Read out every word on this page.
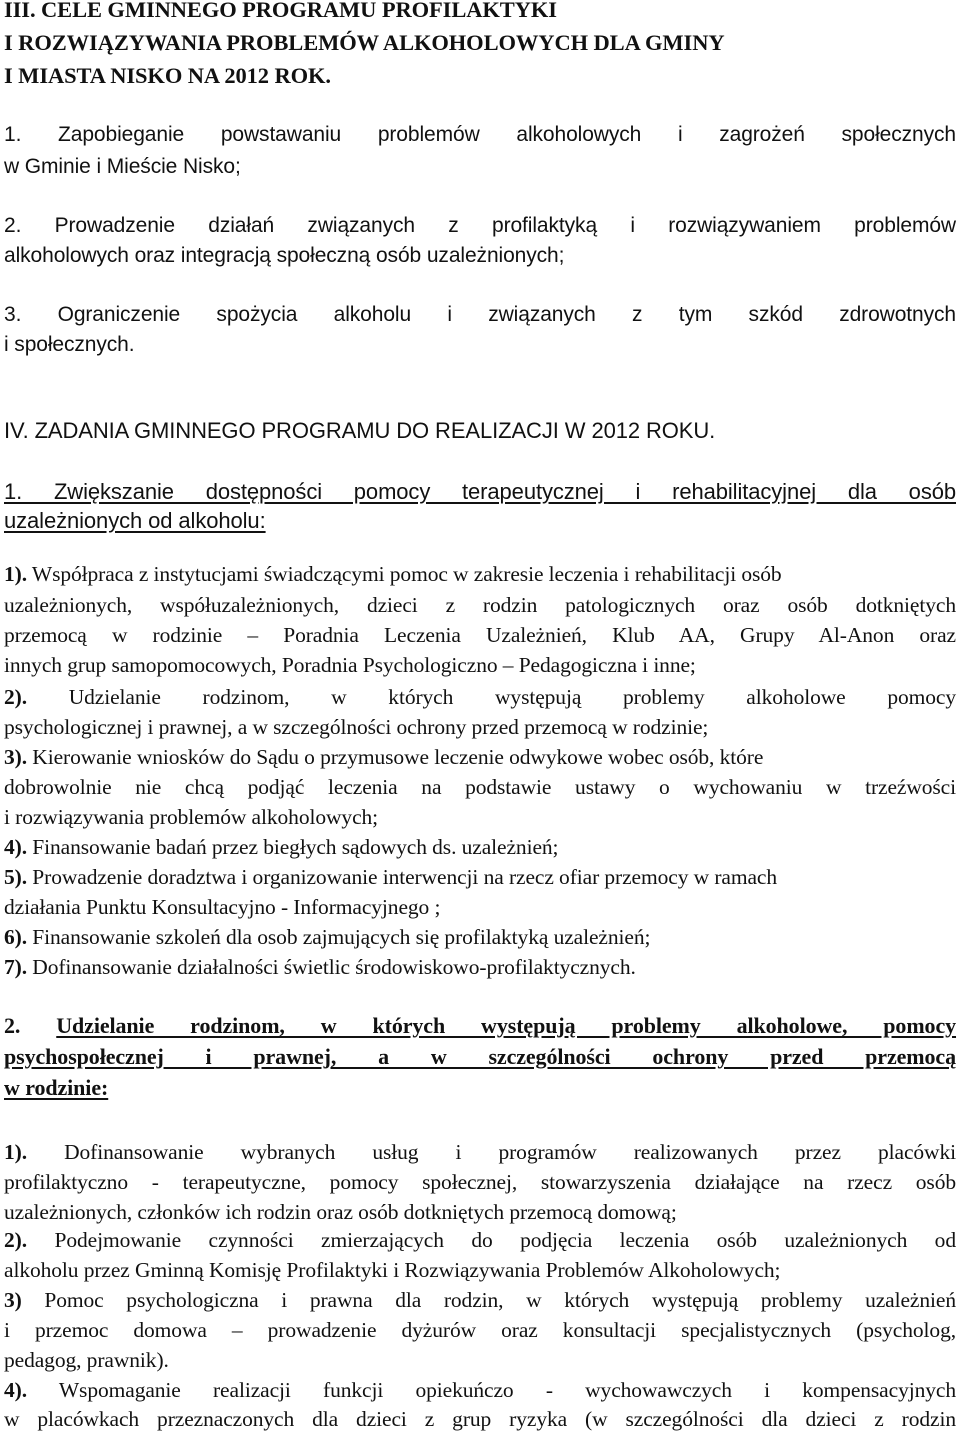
III. CELE GMINNEGO PROGRAMU PROFILAKTYKI
I ROZWIĄZYWANIA PROBLEMÓW ALKOHOLOWYCH DLA GMINY
I MIASTA NISKO NA 2012 ROK.
1. Zapobieganie powstawaniu problemów alkoholowych i zagrożeń społecznych
w Gminie i Mieście Nisko;
2. Prowadzenie działań związanych z profilaktyką i rozwiązywaniem problemów
alkoholowych oraz integracją społeczną osób uzależnionych;
3. Ograniczenie spożycia alkoholu i związanych z tym szkód zdrowotnych
i społecznych.
IV. ZADANIA GMINNEGO PROGRAMU DO REALIZACJI W 2012 ROKU.
1. Zwiększanie dostępności pomocy terapeutycznej i rehabilitacyjnej dla osób
uzależnionych od alkoholu:
1). Współpraca z instytucjami świadczącymi pomoc w zakresie leczenia i rehabilitacji osób
uzależnionych, współuzależnionych, dzieci z rodzin patologicznych oraz osób dotkniętych
przemocą w rodzinie – Poradnia Leczenia Uzależnień, Klub AA, Grupy Al-Anon oraz
innych grup samopomocowych, Poradnia Psychologiczno – Pedagogiczna i inne;
2). Udzielanie rodzinom, w których występują problemy alkoholowe pomocy
psychologicznej i prawnej, a w szczególności ochrony przed przemocą w rodzinie;
3). Kierowanie wniosków do Sądu o przymusowe leczenie odwykowe wobec osób, które
dobrowolnie nie chcą podjąć leczenia na podstawie ustawy o wychowaniu w trzeźwości
i rozwiązywania problemów alkoholowych;
4). Finansowanie badań przez biegłych sądowych ds. uzależnień;
5). Prowadzenie doradztwa i organizowanie interwencji na rzecz ofiar przemocy w ramach
działania Punktu Konsultacyjno - Informacyjnego ;
6). Finansowanie szkoleń dla osob zajmujących się profilaktyką uzależnień;
7). Dofinansowanie działalności świetlic środowiskowo-profilaktycznych.
2. Udzielanie rodzinom, w których występują problemy alkoholowe, pomocy
psychospołecznej i prawnej, a w szczególności ochrony przed przemocą
w rodzinie:
1). Dofinansowanie wybranych usług i programów realizowanych przez placówki
profilaktyczno - terapeutyczne, pomocy społecznej, stowarzyszenia działające na rzecz osób
uzależnionych, członków ich rodzin oraz osób dotkniętych przemocą domową;
2). Podejmowanie czynności zmierzających do podjęcia leczenia osób uzależnionych od
alkoholu przez Gminną Komisję Profilaktyki i Rozwiązywania Problemów Alkoholowych;
3) Pomoc psychologiczna i prawna dla rodzin, w których występują problemy uzależnień
i przemoc domowa – prowadzenie dyżurów oraz konsultacji specjalistycznych (psycholog,
pedagog, prawnik).
4). Wspomaganie realizacji funkcji opiekuńczo - wychowawczych i kompensacyjnych
w placówkach przeznaczonych dla dzieci z grup ryzyka (w szczególności dla dzieci z rodzin
